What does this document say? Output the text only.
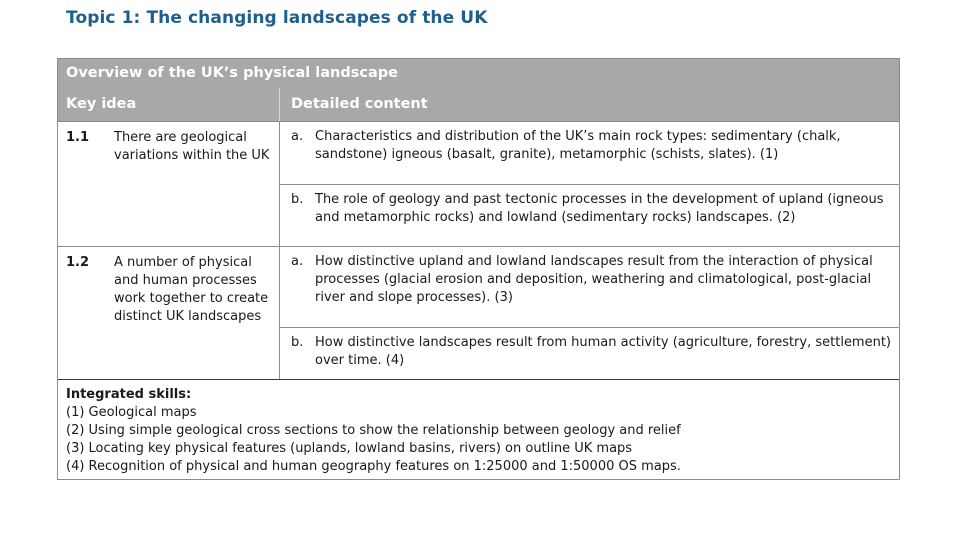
Topic 1: The changing landscapes of the UK
Overview of the UK’s physical landscape
Key idea	Detailed content
1.1	There are geological variations within the UK
a. Characteristics and distribution of the UK’s main rock types: sedimentary (chalk, sandstone) igneous (basalt, granite), metamorphic (schists, slates). (1)
b. The role of geology and past tectonic processes in the development of upland (igneous and metamorphic rocks) and lowland (sedimentary rocks) landscapes. (2)
1.2	A number of physical and human processes work together to create distinct UK landscapes
a. How distinctive upland and lowland landscapes result from the interaction of physical processes (glacial erosion and deposition, weathering and climatological, post-glacial river and slope processes). (3)
b. How distinctive landscapes result from human activity (agriculture, forestry, settlement) over time. (4)
Integrated skills:
(1) Geological maps
(2) Using simple geological cross sections to show the relationship between geology and relief
(3) Locating key physical features (uplands, lowland basins, rivers) on outline UK maps
(4) Recognition of physical and human geography features on 1:25000 and 1:50000 OS maps.
